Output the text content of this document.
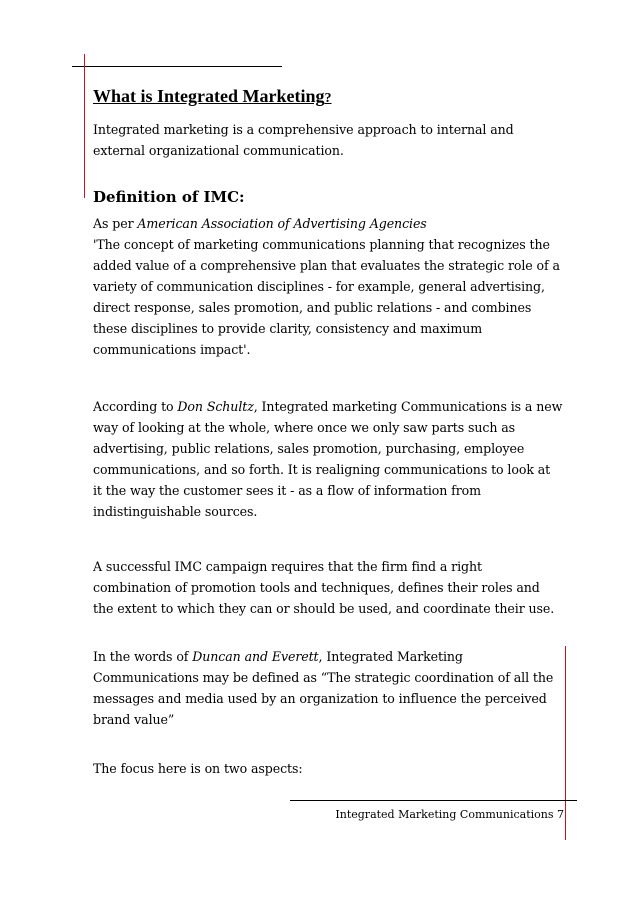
What is Integrated Marketing?

Integrated marketing is a comprehensive approach to internal and
external organizational communication.

Definition of IMC:

As per American Association of Advertising Agencies
'The concept of marketing communications planning that recognizes the
added value of a comprehensive plan that evaluates the strategic role of a
variety of communication disciplines - for example, general advertising,
direct response, sales promotion, and public relations - and combines
these disciplines to provide clarity, consistency and maximum
communications impact'.

According to Don Schultz, Integrated marketing Communications is a new
way of looking at the whole, where once we only saw parts such as
advertising, public relations, sales promotion, purchasing, employee
communications, and so forth. It is realigning communications to look at
it the way the customer sees it - as a flow of information from
indistinguishable sources.

A successful IMC campaign requires that the firm find a right
combination of promotion tools and techniques, defines their roles and
the extent to which they can or should be used, and coordinate their use.

In the words of Duncan and Everett, Integrated Marketing
Communications may be defined as “The strategic coordination of all the
messages and media used by an organization to influence the perceived
brand value”

The focus here is on two aspects:

Integrated Marketing Communications 7
